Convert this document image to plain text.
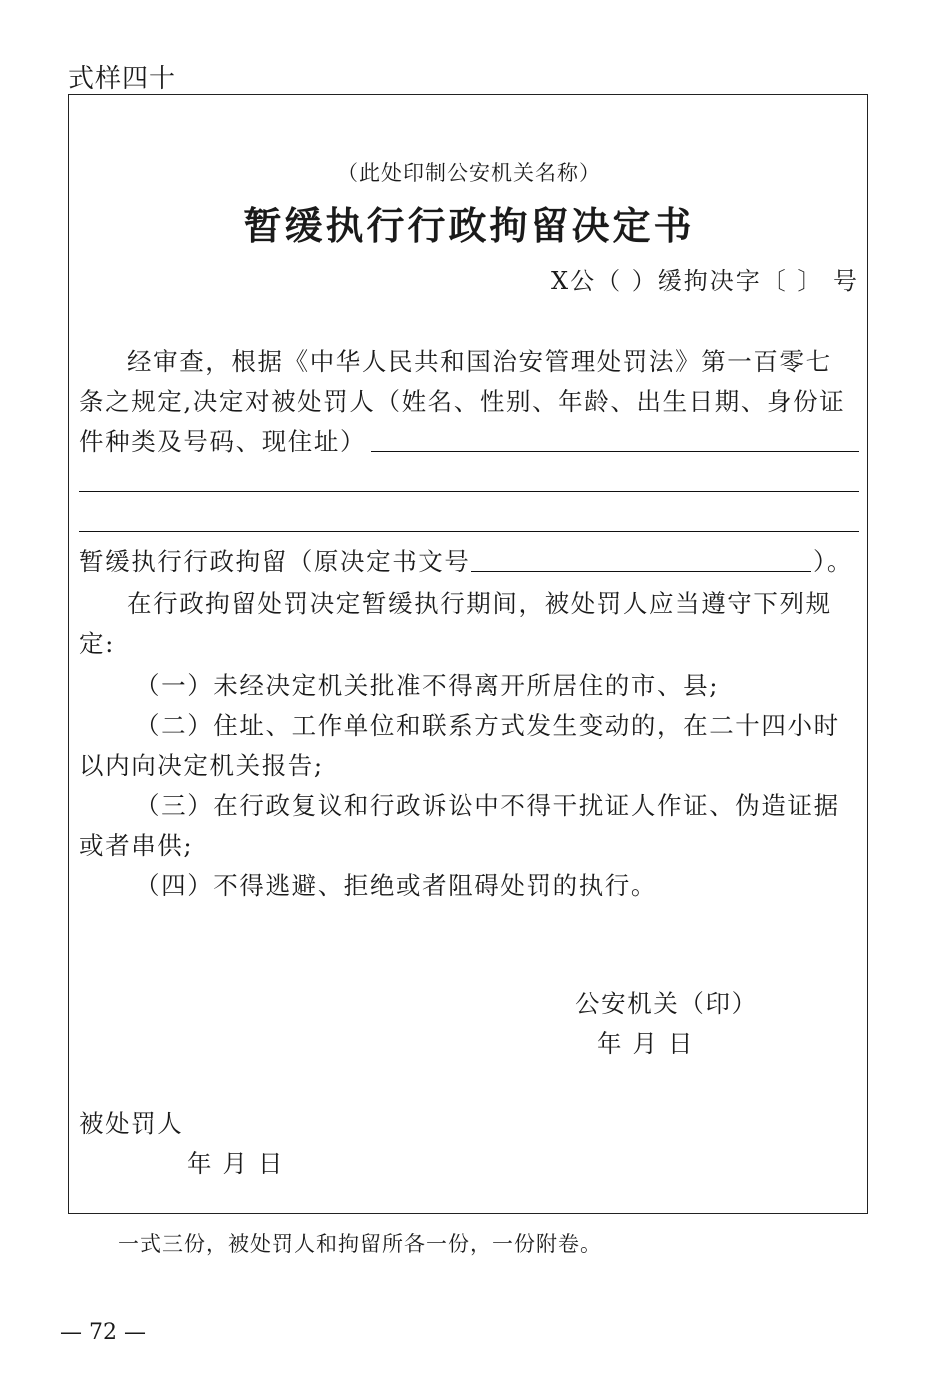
式样四十
（此处印制公安机关名称）
暂缓执行行政拘留决定书
X公（ ）缓拘决字〔 〕 号
经审查，根据《中华人民共和国治安管理处罚法》第一百零七
条之规定,决定对被处罚人（姓名、性别、年龄、出生日期、身份证
件种类及号码、现住址）
暂缓执行行政拘留（原决定书文号	）。
在行政拘留处罚决定暂缓执行期间，被处罚人应当遵守下列规
定:
（一）未经决定机关批准不得离开所居住的市、县;
（二）住址、工作单位和联系方式发生变动的，在二十四小时
以内向决定机关报告;
（三）在行政复议和行政诉讼中不得干扰证人作证、伪造证据
或者串供;
（四）不得逃避、拒绝或者阻碍处罚的执行。
公安机关（印）
年 月 日
被处罚人
年 月 日
一式三份，被处罚人和拘留所各一份，一份附卷。
— 72 —
